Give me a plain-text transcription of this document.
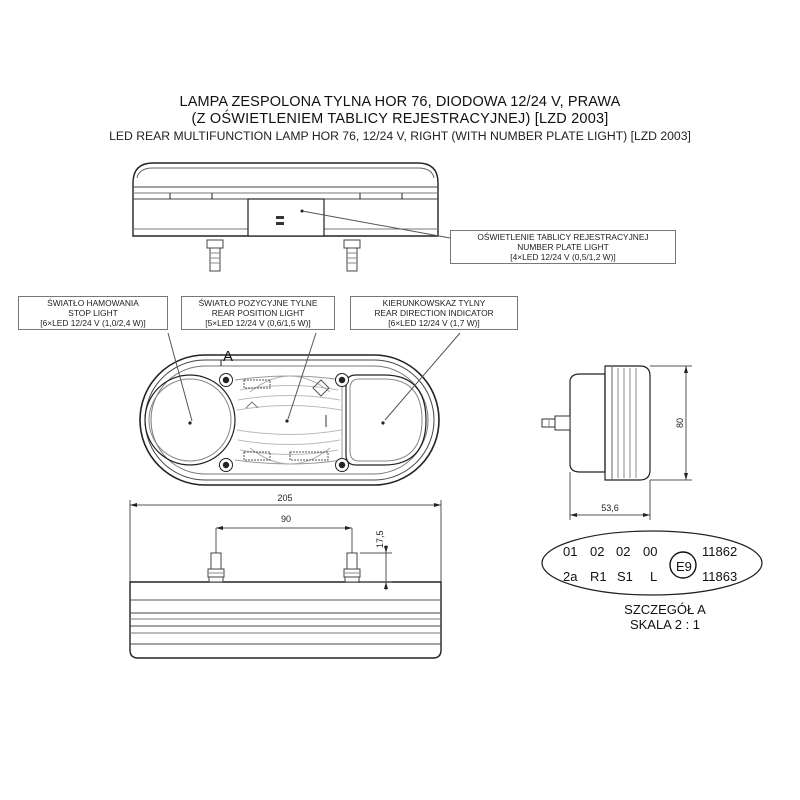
LAMPA ZESPOLONA TYLNA HOR 76, DIODOWA 12/24 V, PRAWA
(Z OŚWIETLENIEM TABLICY REJESTRACYJNEJ) [LZD 2003]
LED REAR MULTIFUNCTION LAMP HOR 76, 12/24 V, RIGHT (WITH NUMBER PLATE LIGHT) [LZD 2003]
A
205
90
17,5
80
53,6
OŚWIETLENIE TABLICY REJESTRACYJNEJ
NUMBER PLATE LIGHT
[4×LED 12/24 V (0,5/1,2 W)]
ŚWIATŁO HAMOWANIA
STOP LIGHT
[6×LED 12/24 V (1,0/2,4 W)]
ŚWIATŁO POZYCYJNE TYLNE
REAR POSITION LIGHT
[5×LED 12/24 V (0,6/1,5 W)]
KIERUNKOWSKAZ TYLNY
REAR DIRECTION INDICATOR
[6×LED 12/24 V (1,7 W)]
01 02 02 00
2a R1 S1 L
11862
11863
E9
SZCZEGÓŁ A
SKALA 2 : 1
